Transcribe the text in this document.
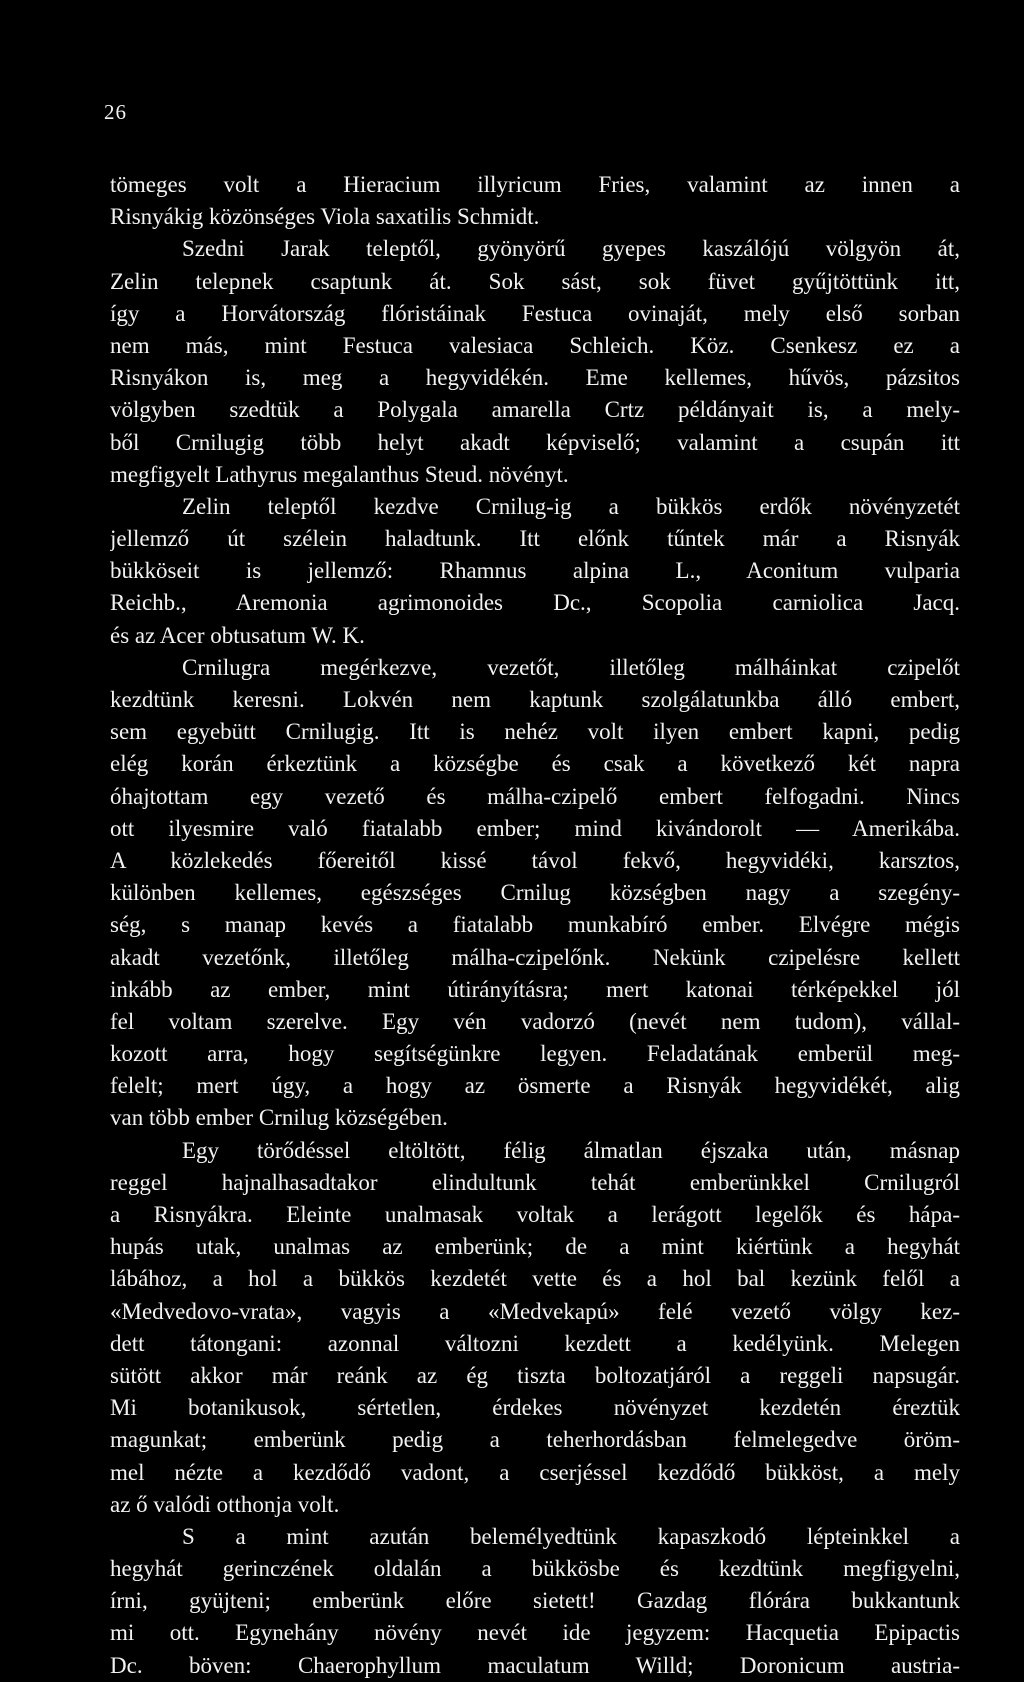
26
tömeges volt a Hieracium illyricum Fries, valamint az innen a
Risnyákig közönséges Viola saxatilis Schmidt.
Szedni Jarak teleptől, gyönyörű gyepes kaszálójú völgyön át,
Zelin telepnek csaptunk át. Sok sást, sok füvet gyűjtöttünk itt,
így a Horvátország flóristáinak Festuca ovinaját, mely első sorban
nem más, mint Festuca valesiaca Schleich. Köz. Csenkesz ez a
Risnyákon is, meg a hegyvidékén. Eme kellemes, hűvös, pázsitos
völgyben szedtük a Polygala amarella Crtz példányait is, a mely-
ből Crnilugig több helyt akadt képviselő; valamint a csupán itt
megfigyelt Lathyrus megalanthus Steud. növényt.
Zelin teleptől kezdve Crnilug-ig a bükkös erdők növényzetét
jellemző út szélein haladtunk. Itt előnk tűntek már a Risnyák
bükköseit is jellemző: Rhamnus alpina L., Aconitum vulparia
Reichb., Aremonia agrimonoides Dc., Scopolia carniolica Jacq.
és az Acer obtusatum W. K.
Crnilugra megérkezve, vezetőt, illetőleg málháinkat czipelőt
kezdtünk keresni. Lokvén nem kaptunk szolgálatunkba álló embert,
sem egyebütt Crnilugig. Itt is nehéz volt ilyen embert kapni, pedig
elég korán érkeztünk a községbe és csak a következő két napra
óhajtottam egy vezető és málha-czipelő embert felfogadni. Nincs
ott ilyesmire való fiatalabb ember; mind kivándorolt — Amerikába.
A közlekedés főereitől kissé távol fekvő, hegyvidéki, karsztos,
különben kellemes, egészséges Crnilug községben nagy a szegény-
ség, s manap kevés a fiatalabb munkabíró ember. Elvégre mégis
akadt vezetőnk, illetőleg málha-czipelőnk. Nekünk czipelésre kellett
inkább az ember, mint útirányításra; mert katonai térképekkel jól
fel voltam szerelve. Egy vén vadorzó (nevét nem tudom), vállal-
kozott arra, hogy segítségünkre legyen. Feladatának emberül meg-
felelt; mert úgy, a hogy az ösmerte a Risnyák hegyvidékét, alig
van több ember Crnilug községében.
Egy törődéssel eltöltött, félig álmatlan éjszaka után, másnap
reggel hajnalhasadtakor elindultunk tehát emberünkkel Crnilugról
a Risnyákra. Eleinte unalmasak voltak a lerágott legelők és hápa-
hupás utak, unalmas az emberünk; de a mint kiértünk a hegyhát
lábához, a hol a bükkös kezdetét vette és a hol bal kezünk felől a
«Medvedovo-vrata», vagyis a «Medvekapú» felé vezető völgy kez-
dett tátongani: azonnal változni kezdett a kedélyünk. Melegen
sütött akkor már reánk az ég tiszta boltozatjáról a reggeli napsugár.
Mi botanikusok, sértetlen, érdekes növényzet kezdetén éreztük
magunkat; emberünk pedig a teherhordásban felmelegedve öröm-
mel nézte a kezdődő vadont, a cserjéssel kezdődő bükköst, a mely
az ő valódi otthonja volt.
S a mint azután belemélyedtünk kapaszkodó lépteinkkel a
hegyhát gerinczének oldalán a bükkösbe és kezdtünk megfigyelni,
írni, gyüjteni; emberünk előre sietett! Gazdag flórára bukkantunk
mi ott. Egynehány növény nevét ide jegyzem: Hacquetia Epipactis
Dc. böven: Chaerophyllum maculatum Willd; Doronicum austria-
